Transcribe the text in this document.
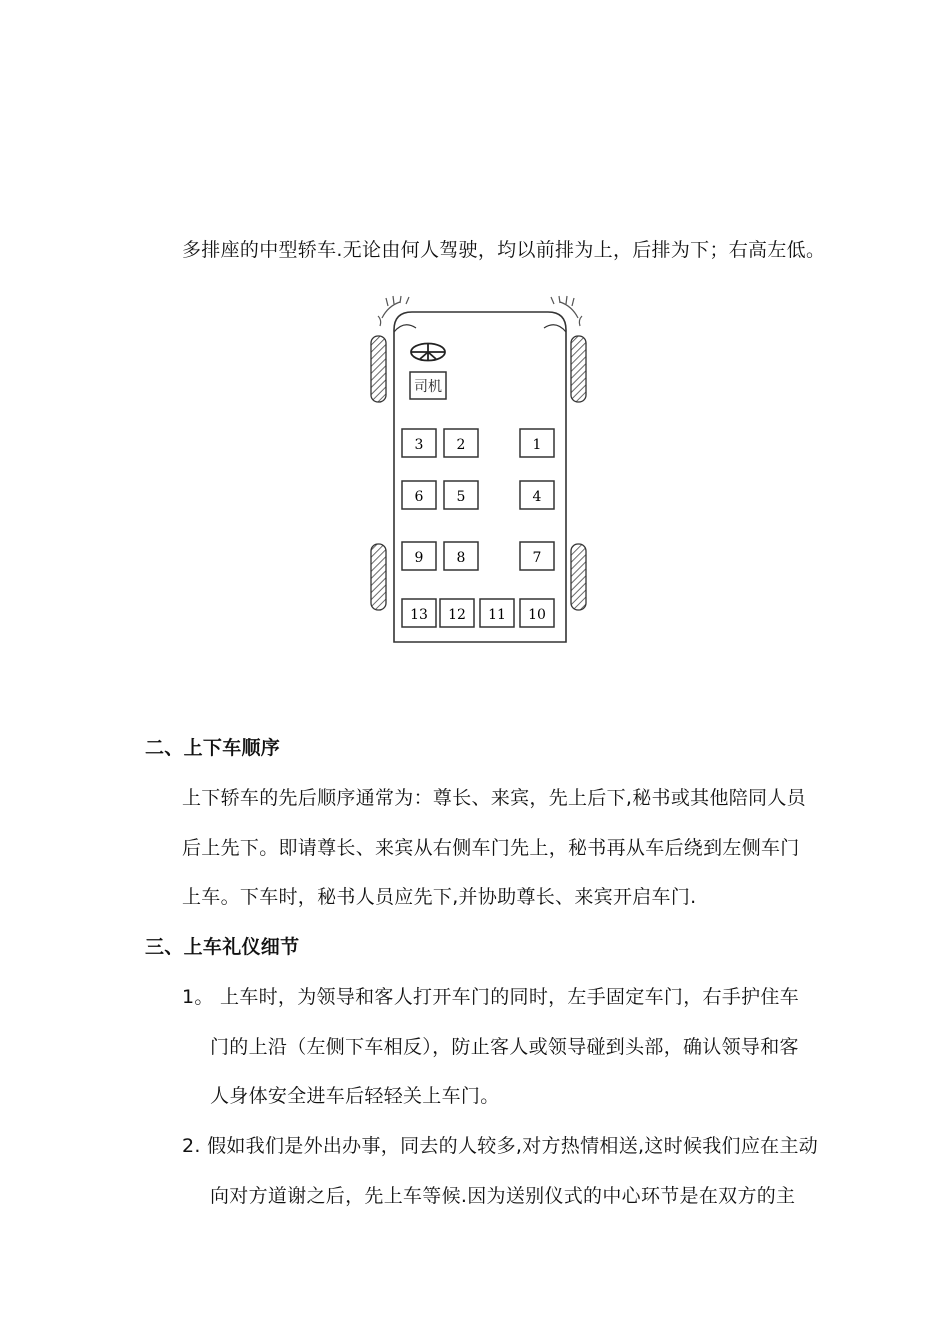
多排座的中型轿车.无论由何人驾驶，均以前排为上，后排为下；右高左低。
司机
3 2	1
6 5	4
9 8	7
13 12 11 10
二、上下车顺序
上下轿车的先后顺序通常为：尊长、来宾，先上后下,秘书或其他陪同人员
后上先下。即请尊长、来宾从右侧车门先上，秘书再从车后绕到左侧车门
上车。下车时，秘书人员应先下,并协助尊长、来宾开启车门.
三、上车礼仪细节
1。 上车时，为领导和客人打开车门的同时，左手固定车门，右手护住车
门的上沿（左侧下车相反），防止客人或领导碰到头部，确认领导和客
人身体安全进车后轻轻关上车门。
2. 假如我们是外出办事，同去的人较多,对方热情相送,这时候我们应在主动
向对方道谢之后，先上车等候.因为送别仪式的中心环节是在双方的主
